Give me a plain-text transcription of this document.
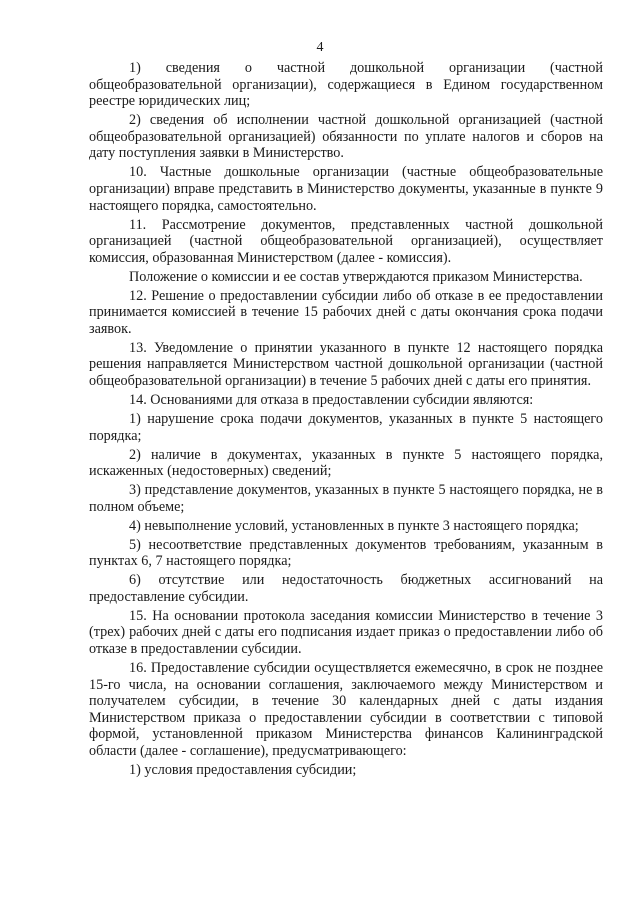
4

1) сведения о частной дошкольной организации (частной общеобразовательной организации), содержащиеся в Едином государственном реестре юридических лиц;

2) сведения об исполнении частной дошкольной организацией (частной общеобразовательной организацией) обязанности по уплате налогов и сборов на дату поступления заявки в Министерство.

10. Частные дошкольные организации (частные общеобразовательные организации) вправе представить в Министерство документы, указанные в пункте 9 настоящего порядка, самостоятельно.

11. Рассмотрение документов, представленных частной дошкольной организацией (частной общеобразовательной организацией), осуществляет комиссия, образованная Министерством (далее - комиссия).

Положение о комиссии и ее состав утверждаются приказом Министерства.

12. Решение о предоставлении субсидии либо об отказе в ее предоставлении принимается комиссией в течение 15 рабочих дней с даты окончания срока подачи заявок.

13. Уведомление о принятии указанного в пункте 12 настоящего порядка решения направляется Министерством частной дошкольной организации (частной общеобразовательной организации) в течение 5 рабочих дней с даты его принятия.

14. Основаниями для отказа в предоставлении субсидии являются:

1) нарушение срока подачи документов, указанных в пункте 5 настоящего порядка;

2) наличие в документах, указанных в пункте 5 настоящего порядка, искаженных (недостоверных) сведений;

3) представление документов, указанных в пункте 5 настоящего порядка, не в полном объеме;

4) невыполнение условий, установленных в пункте 3 настоящего порядка;

5) несоответствие представленных документов требованиям, указанным в пунктах 6, 7 настоящего порядка;

6) отсутствие или недостаточность бюджетных ассигнований на предоставление субсидии.

15. На основании протокола заседания комиссии Министерство в течение 3 (трех) рабочих дней с даты его подписания издает приказ о предоставлении либо об отказе в предоставлении субсидии.

16. Предоставление субсидии осуществляется ежемесячно, в срок не позднее 15-го числа, на основании соглашения, заключаемого между Министерством и получателем субсидии, в течение 30 календарных дней с даты издания Министерством приказа о предоставлении субсидии в соответствии с типовой формой, установленной приказом Министерства финансов Калининградской области (далее - соглашение), предусматривающего:

1) условия предоставления субсидии;
